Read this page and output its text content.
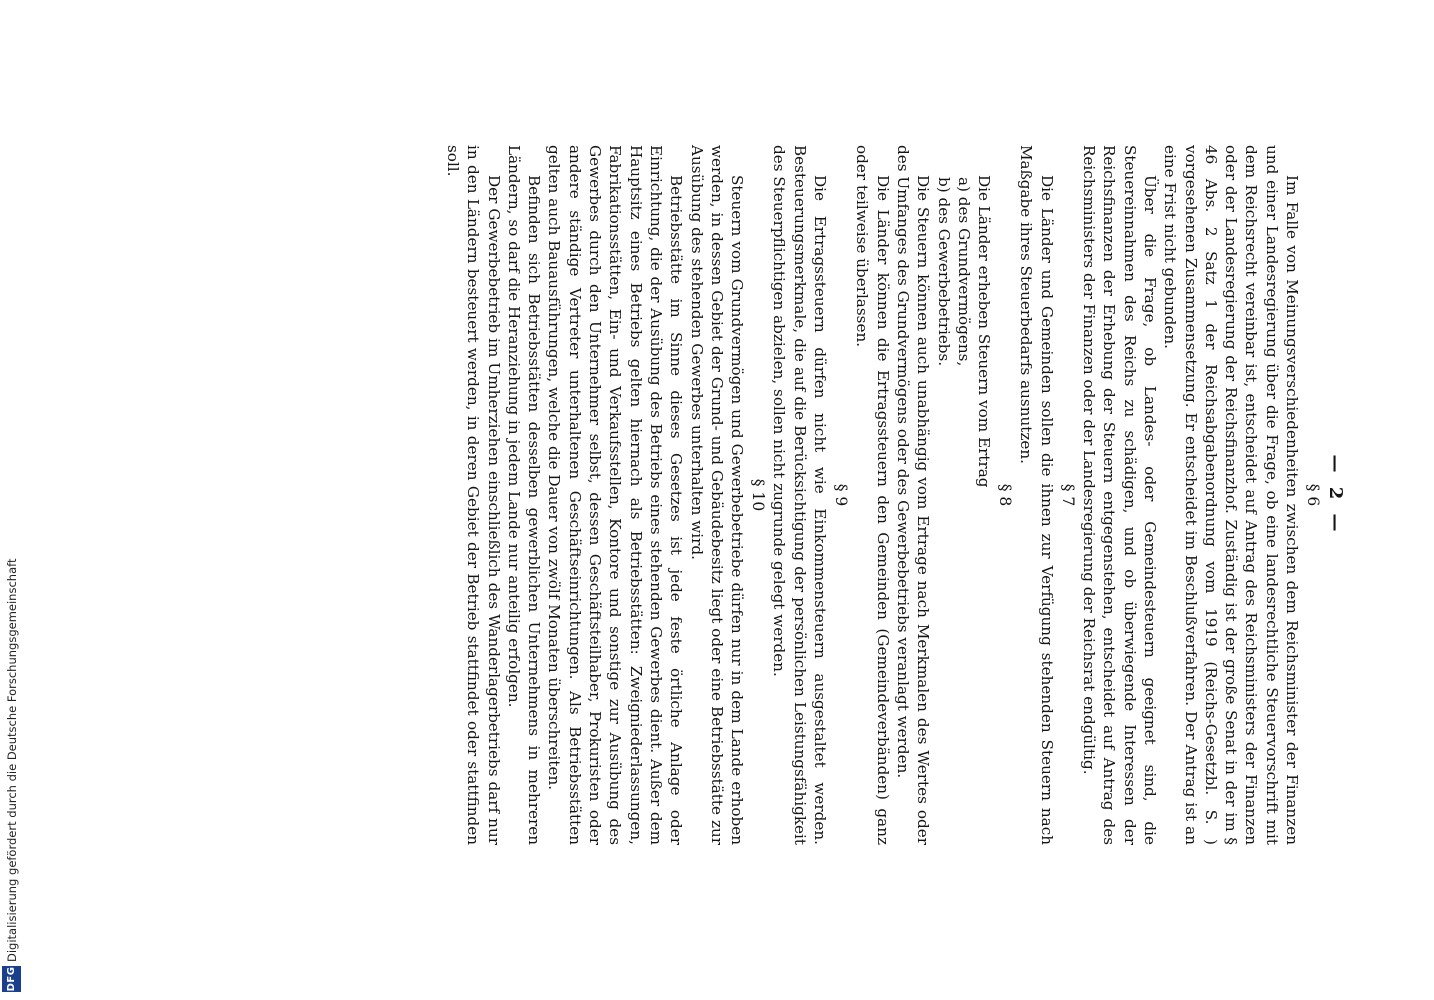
— 2 —
§ 6

Im Falle von Meinungsverschiedenheiten zwischen dem Reichsminister der Finanzen und einer Landesregierung über die Frage, ob eine landesrechtliche Steuervorschrift mit dem Reichsrecht vereinbar ist, entscheidet auf Antrag des Reichsministers der Finanzen oder der Landesregierung der Reichsfinanzhof. Zuständig ist der große Senat in der im § 46 Abs. 2 Satz 1 der Reichsabgabenordnung vom 1919 (Reichs-Gesetzbl. S. ) vorgesehenen Zusammensetzung. Er entscheidet im Beschlußverfahren. Der Antrag ist an eine Frist nicht gebunden.

Über die Frage, ob Landes- oder Gemeindesteuern geeignet sind, die Steuereinnahmen des Reichs zu schädigen, und ob überwiegende Interessen der Reichsfinanzen der Erhebung der Steuern entgegenstehen, entscheidet auf Antrag des Reichsministers der Finanzen oder der Landesregierung der Reichsrat endgültig.

§ 7

Die Länder und Gemeinden sollen die ihnen zur Verfügung stehenden Steuern nach Maßgabe ihres Steuerbedarfs ausnutzen.

§ 8

Die Länder erheben Steuern vom Ertrag

a) des Grundvermögens,

b) des Gewerbebetriebs.

Die Steuern können auch unabhängig vom Ertrage nach Merkmalen des Wertes oder des Umfanges des Grundvermögens oder des Gewerbebetriebs veranlagt werden.

Die Länder können die Ertragssteuern den Gemeinden (Gemeindeverbänden) ganz oder teilweise überlassen.

§ 9

Die Ertragssteuern dürfen nicht wie Einkommensteuern ausgestaltet werden. Besteuerungsmerkmale, die auf die Berücksichtigung der persönlichen Leistungsfähigkeit des Steuerpflichtigen abzielen, sollen nicht zugrunde gelegt werden.

§ 10

Steuern vom Grundvermögen und Gewerbebetriebe dürfen nur in dem Lande erhoben werden, in dessen Gebiet der Grund- und Gebäudebesitz liegt oder eine Betriebsstätte zur Ausübung des stehenden Gewerbes unterhalten wird.

Betriebsstätte im Sinne dieses Gesetzes ist jede feste örtliche Anlage oder Einrichtung, die der Ausübung des Betriebs eines stehenden Gewerbes dient. Außer dem Hauptsitz eines Betriebs gelten hiernach als Betriebsstätten: Zweigniederlassungen, Fabrikationsstätten, Ein- und Verkaufsstellen, Kontore und sonstige zur Ausübung des Gewerbes durch den Unternehmer selbst, dessen Geschäftsteilhaber, Prokuristen oder andere ständige Vertreter unterhaltenen Geschäftseinrichtungen. Als Betriebsstätten gelten auch Bauausführungen, welche die Dauer von zwölf Monaten überschreiten.

Befinden sich Betriebsstätten desselben gewerblichen Unternehmens in mehreren Ländern, so darf die Heranziehung in jedem Lande nur anteilig erfolgen.

Der Gewerbebetrieb im Umherziehen einschließlich des Wanderlagerbetriebs darf nur in den Ländern besteuert werden, in deren Gebiet der Betrieb stattfindet oder stattfinden soll.

DFG
Digitalisierung gefördert durch die Deutsche Forschungsgemeinschaft
